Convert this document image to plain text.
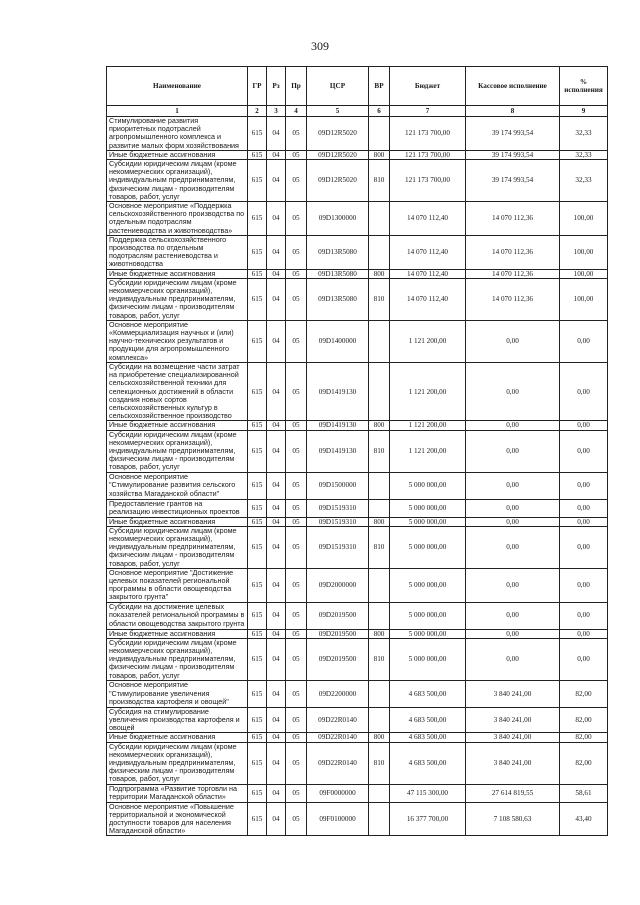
309
Наименование	ГР	Рз	Пр	ЦСР	ВР	Бюджет	Кассовое исполнение	% исполнения
1	2	3	4	5	6	7	8	9
Стимулирование развития приоритетных подотраслей агропромышленного комплекса и развитие малых форм хозяйствования	615	04	05	09D12R5020		121 173 700,00	39 174 993,54	32,33
Иные бюджетные ассигнования	615	04	05	09D12R5020	800	121 173 700,00	39 174 993,54	32,33
Субсидии юридическим лицам (кроме некоммерческих организаций), индивидуальным предпринимателям, физическим лицам - производителям товаров, работ, услуг	615	04	05	09D12R5020	810	121 173 700,00	39 174 993,54	32,33
Основное мероприятие «Поддержка сельскохозяйственного производства по отдельным подотраслям растениеводства и животноводства»	615	04	05	09D1300000		14 070 112,40	14 070 112,36	100,00
Поддержка сельскохозяйственного производства по отдельным подотраслям растениеводства и животноводства	615	04	05	09D13R5080		14 070 112,40	14 070 112,36	100,00
Иные бюджетные ассигнования	615	04	05	09D13R5080	800	14 070 112,40	14 070 112,36	100,00
Субсидии юридическим лицам (кроме некоммерческих организаций), индивидуальным предпринимателям, физическим лицам - производителям товаров, работ, услуг	615	04	05	09D13R5080	810	14 070 112,40	14 070 112,36	100,00
Основное мероприятие «Коммерциализация научных и (или) научно-технических результатов и продукции для агропромышленного комплекса»	615	04	05	09D1400000		1 121 200,00	0,00	0,00
Субсидии на возмещение части затрат на приобретение специализированной сельскохозяйственной техники для селекционных достижений в области создания новых сортов сельскохозяйственных культур в сельскохозяйственное производство	615	04	05	09D1419130		1 121 200,00	0,00	0,00
Иные бюджетные ассигнования	615	04	05	09D1419130	800	1 121 200,00	0,00	0,00
Субсидии юридическим лицам (кроме некоммерческих организаций), индивидуальным предпринимателям, физическим лицам - производителям товаров, работ, услуг	615	04	05	09D1419130	810	1 121 200,00	0,00	0,00
Основное мероприятие "Стимулирование развития сельского хозяйства Магаданской области"	615	04	05	09D1500000		5 000 000,00	0,00	0,00
Предоставление грантов на реализацию инвестиционных проектов	615	04	05	09D1519310		5 000 000,00	0,00	0,00
Иные бюджетные ассигнования	615	04	05	09D1519310	800	5 000 000,00	0,00	0,00
Субсидии юридическим лицам (кроме некоммерческих организаций), индивидуальным предпринимателям, физическим лицам - производителям товаров, работ, услуг	615	04	05	09D1519310	810	5 000 000,00	0,00	0,00
Основное мероприятие "Достижение целевых показателей региональной программы в области овощеводства закрытого грунта"	615	04	05	09D2000000		5 000 000,00	0,00	0,00
Субсидии на достижение целевых показателей региональной программы в области овощеводства закрытого грунта	615	04	05	09D2019500		5 000 000,00	0,00	0,00
Иные бюджетные ассигнования	615	04	05	09D2019500	800	5 000 000,00	0,00	0,00
Субсидии юридическим лицам (кроме некоммерческих организаций), индивидуальным предпринимателям, физическим лицам - производителям товаров, работ, услуг	615	04	05	09D2019500	810	5 000 000,00	0,00	0,00
Основное мероприятие "Стимулирование увеличения производства картофеля и овощей"	615	04	05	09D2200000		4 683 500,00	3 840 241,00	82,00
Субсидия на стимулирование увеличения производства картофеля и овощей	615	04	05	09D22R0140		4 683 500,00	3 840 241,00	82,00
Иные бюджетные ассигнования	615	04	05	09D22R0140	800	4 683 500,00	3 840 241,00	82,00
Субсидии юридическим лицам (кроме некоммерческих организаций), индивидуальным предпринимателям, физическим лицам - производителям товаров, работ, услуг	615	04	05	09D22R0140	810	4 683 500,00	3 840 241,00	82,00
Подпрограмма «Развитие торговли на территории Магаданской области»	615	04	05	09F0000000		47 115 300,00	27 614 819,55	58,61
Основное мероприятие «Повышение территориальной и экономической доступности товаров для населения Магаданской области»	615	04	05	09F0100000		16 377 700,00	7 108 580,63	43,40
